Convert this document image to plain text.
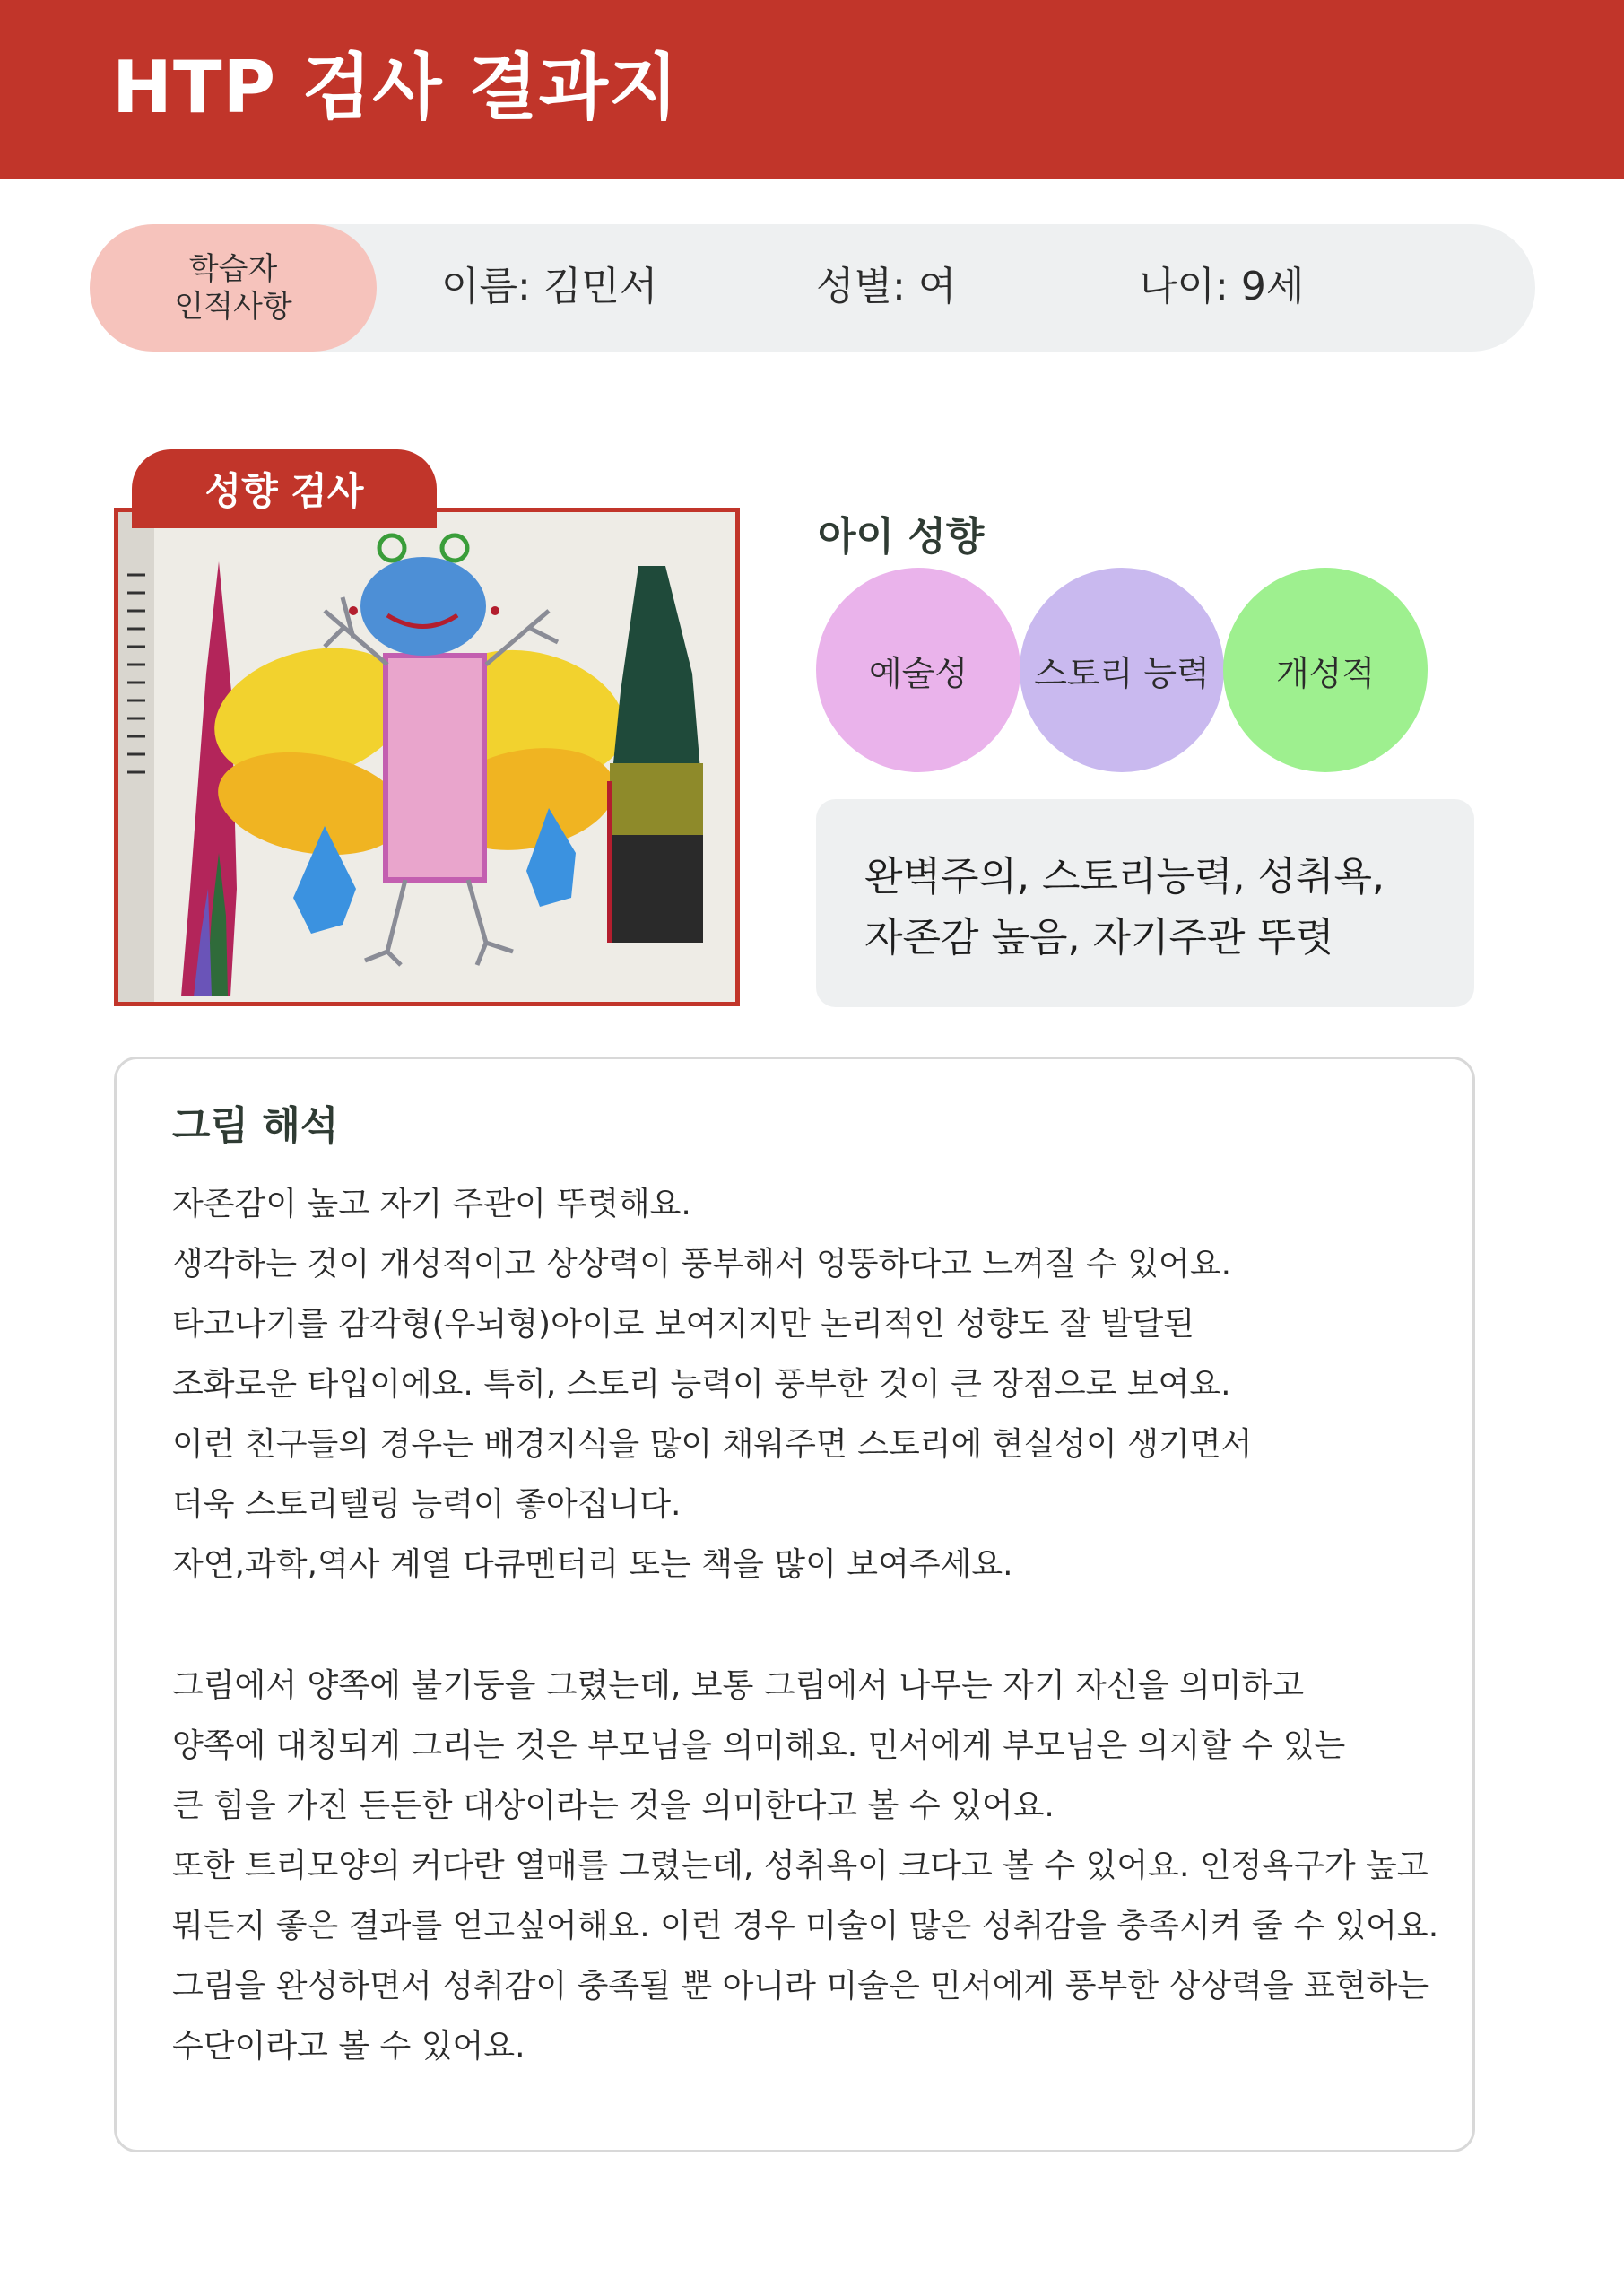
HTP 검사 결과지
학습자
인적사항	이름: 김민서	성별: 여	나이: 9세
성향 검사
아이 성향
예술성 스토리 능력 개성적
완벽주의, 스토리능력, 성취욕,
자존감 높음, 자기주관 뚜렷
그림 해석
자존감이 높고 자기 주관이 뚜렷해요.
생각하는 것이 개성적이고 상상력이 풍부해서 엉뚱하다고 느껴질 수 있어요.
타고나기를 감각형(우뇌형)아이로 보여지지만 논리적인 성향도 잘 발달된
조화로운 타입이에요. 특히, 스토리 능력이 풍부한 것이 큰 장점으로 보여요.
이런 친구들의 경우는 배경지식을 많이 채워주면 스토리에 현실성이 생기면서
더욱 스토리텔링 능력이 좋아집니다.
자연,과학,역사 계열 다큐멘터리 또는 책을 많이 보여주세요.
그림에서 양쪽에 불기둥을 그렸는데, 보통 그림에서 나무는 자기 자신을 의미하고
양쪽에 대칭되게 그리는 것은 부모님을 의미해요. 민서에게 부모님은 의지할 수 있는
큰 힘을 가진 든든한 대상이라는 것을 의미한다고 볼 수 있어요.
또한 트리모양의 커다란 열매를 그렸는데, 성취욕이 크다고 볼 수 있어요. 인정욕구가 높고
뭐든지 좋은 결과를 얻고싶어해요. 이런 경우 미술이 많은 성취감을 충족시켜 줄 수 있어요.
그림을 완성하면서 성취감이 충족될 뿐 아니라 미술은 민서에게 풍부한 상상력을 표현하는
수단이라고 볼 수 있어요.
